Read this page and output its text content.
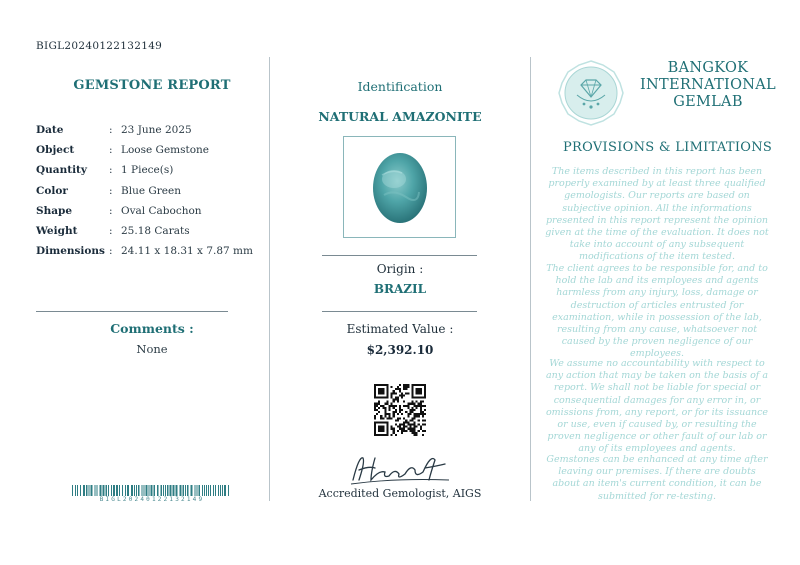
BIGL20240122132149
GEMSTONE REPORT
Date	: 23 June 2025
Object	: Loose Gemstone
Quantity	: 1 Piece(s)
Color	: Blue Green
Shape	: Oval Cabochon
Weight	: 25.18 Carats
Dimensions : 24.11 x 18.31 x 7.87 mm
Comments :
None
BIGL20240122132149
Identification
NATURAL AMAZONITE
Origin :
BRAZIL
Estimated Value :
$2,392.10
Accredited Gemologist, AIGS
BANGKOK
INTERNATIONAL
GEMLAB
PROVISIONS & LIMITATIONS
The items described in this report has been properly examined by at least three qualified gemologists. Our reports are based on subjective opinion. All the informations presented in this report represent the opinion given at the time of the evaluation. It does not take into account of any subsequent modifications of the item tested.
The client agrees to be responsible for, and to hold the lab and its employees and agents harmless from any injury, loss, damage or destruction of articles entrusted for examination, while in possession of the lab, resulting from any cause, whatsoever not caused by the proven negligence of our employees.
We assume no accountability with respect to any action that may be taken on the basis of a report. We shall not be liable for special or consequential damages for any error in, or omissions from, any report, or for its issuance or use, even if caused by, or resulting the proven negligence or other fault of our lab or any of its employees and agents.
Gemstones can be enhanced at any time after leaving our premises. If there are doubts about an item's current condition, it can be submitted for re-testing.
